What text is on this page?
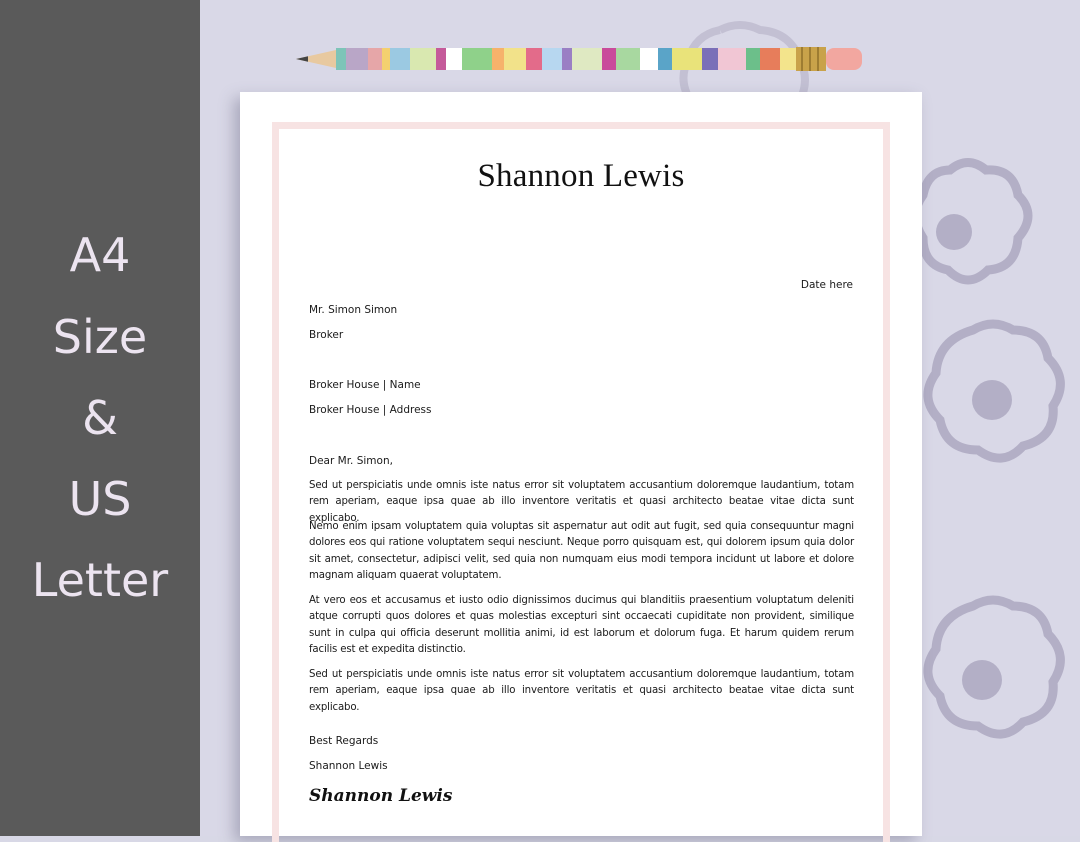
A4
Size
&
US
Letter
Shannon Lewis
Date here
Mr. Simon Simon
Broker
Broker House | Name
Broker House | Address
Dear Mr. Simon,
Sed ut perspiciatis unde omnis iste natus error sit voluptatem accusantium doloremque laudantium, totam rem aperiam, eaque ipsa quae ab illo inventore veritatis et quasi architecto beatae vitae dicta sunt explicabo.
Nemo enim ipsam voluptatem quia voluptas sit aspernatur aut odit aut fugit, sed quia consequuntur magni dolores eos qui ratione voluptatem sequi nesciunt. Neque porro quisquam est, qui dolorem ipsum quia dolor sit amet, consectetur, adipisci velit, sed quia non numquam eius modi tempora incidunt ut labore et dolore magnam aliquam quaerat voluptatem.
At vero eos et accusamus et iusto odio dignissimos ducimus qui blanditiis praesentium voluptatum deleniti atque corrupti quos dolores et quas molestias excepturi sint occaecati cupiditate non provident, similique sunt in culpa qui officia deserunt mollitia animi, id est laborum et dolorum fuga. Et harum quidem rerum facilis est et expedita distinctio.
Sed ut perspiciatis unde omnis iste natus error sit voluptatem accusantium doloremque laudantium, totam rem aperiam, eaque ipsa quae ab illo inventore veritatis et quasi architecto beatae vitae dicta sunt explicabo.
Best Regards
Shannon Lewis
Shannon Lewis
